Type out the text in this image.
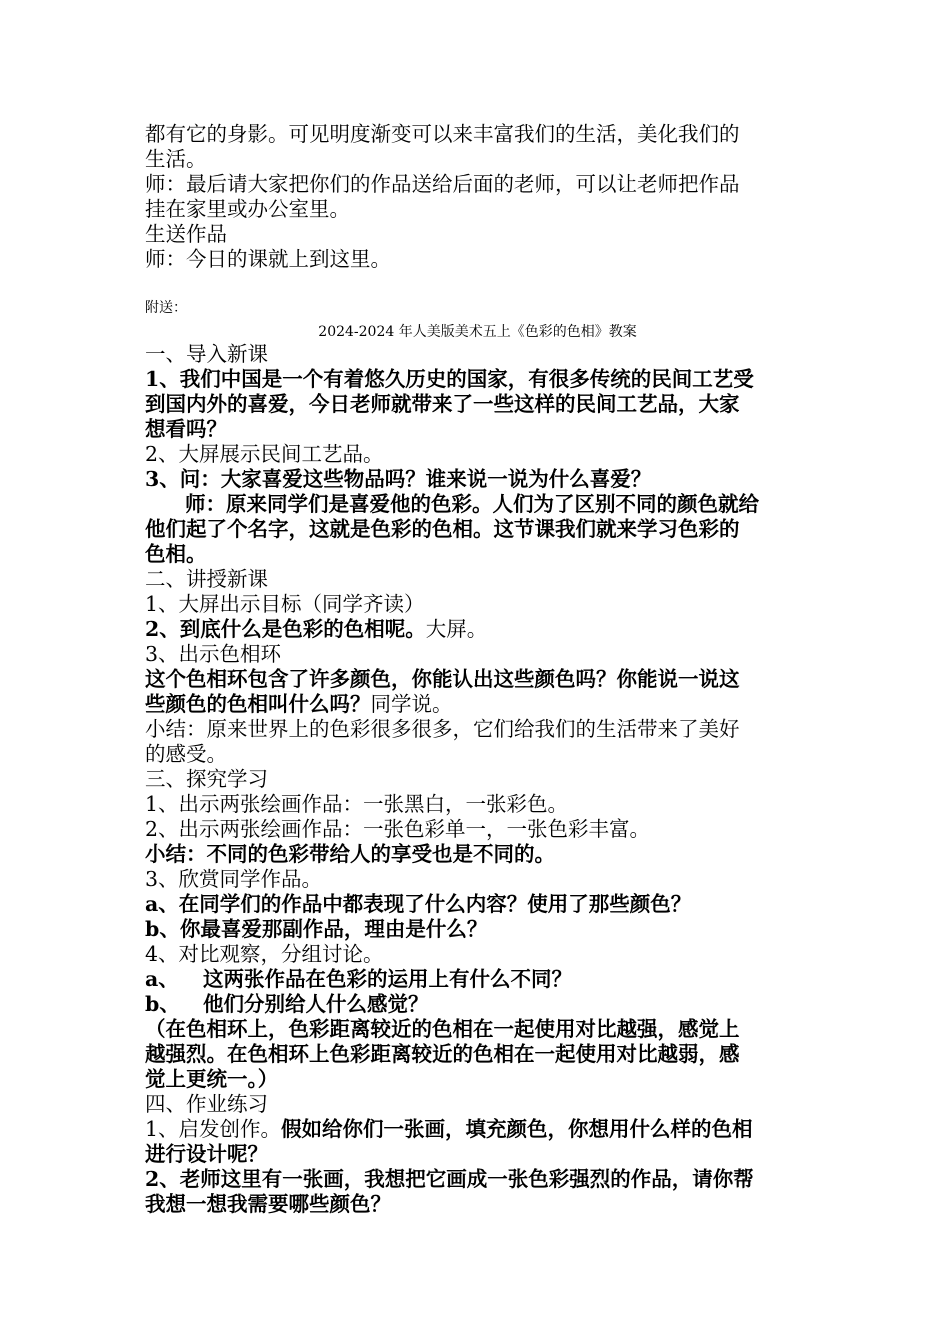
都有它的身影。可见明度渐变可以来丰富我们的生活，美化我们的

生活。

师：最后请大家把你们的作品送给后面的老师，可以让老师把作品

挂在家里或办公室里。

生送作品

师：今日的课就上到这里。

附送：

2024-2024 年人美版美术五上《色彩的色相》教案

一、导入新课

1、我们中国是一个有着悠久历史的国家，有很多传统的民间工艺受

到国内外的喜爱，今日老师就带来了一些这样的民间工艺品，大家

想看吗？

2、大屏展示民间工艺品。

3、问：大家喜爱这些物品吗？谁来说一说为什么喜爱？

师：原来同学们是喜爱他的色彩。人们为了区别不同的颜色就给

他们起了个名字，这就是色彩的色相。这节课我们就来学习色彩的

色相。

二、讲授新课

1、大屏出示目标（同学齐读）

2、到底什么是色彩的色相呢。大屏。

3、出示色相环

这个色相环包含了许多颜色，你能认出这些颜色吗？你能说一说这

些颜色的色相叫什么吗？同学说。

小结：原来世界上的色彩很多很多，它们给我们的生活带来了美好

的感受。

三、探究学习

1、出示两张绘画作品：一张黑白，一张彩色。

2、出示两张绘画作品：一张色彩单一，一张色彩丰富。

小结：不同的色彩带给人的享受也是不同的。

3、欣赏同学作品。

a、在同学们的作品中都表现了什么内容？使用了那些颜色？

b、你最喜爱那副作品，理由是什么？

4、对比观察，分组讨论。

a、 这两张作品在色彩的运用上有什么不同？

b、 他们分别给人什么感觉？

（在色相环上，色彩距离较近的色相在一起使用对比越强，感觉上

越强烈。在色相环上色彩距离较近的色相在一起使用对比越弱，感

觉上更统一。）

四、作业练习

1、启发创作。假如给你们一张画，填充颜色，你想用什么样的色相

进行设计呢？

2、老师这里有一张画，我想把它画成一张色彩强烈的作品，请你帮

我想一想我需要哪些颜色？
